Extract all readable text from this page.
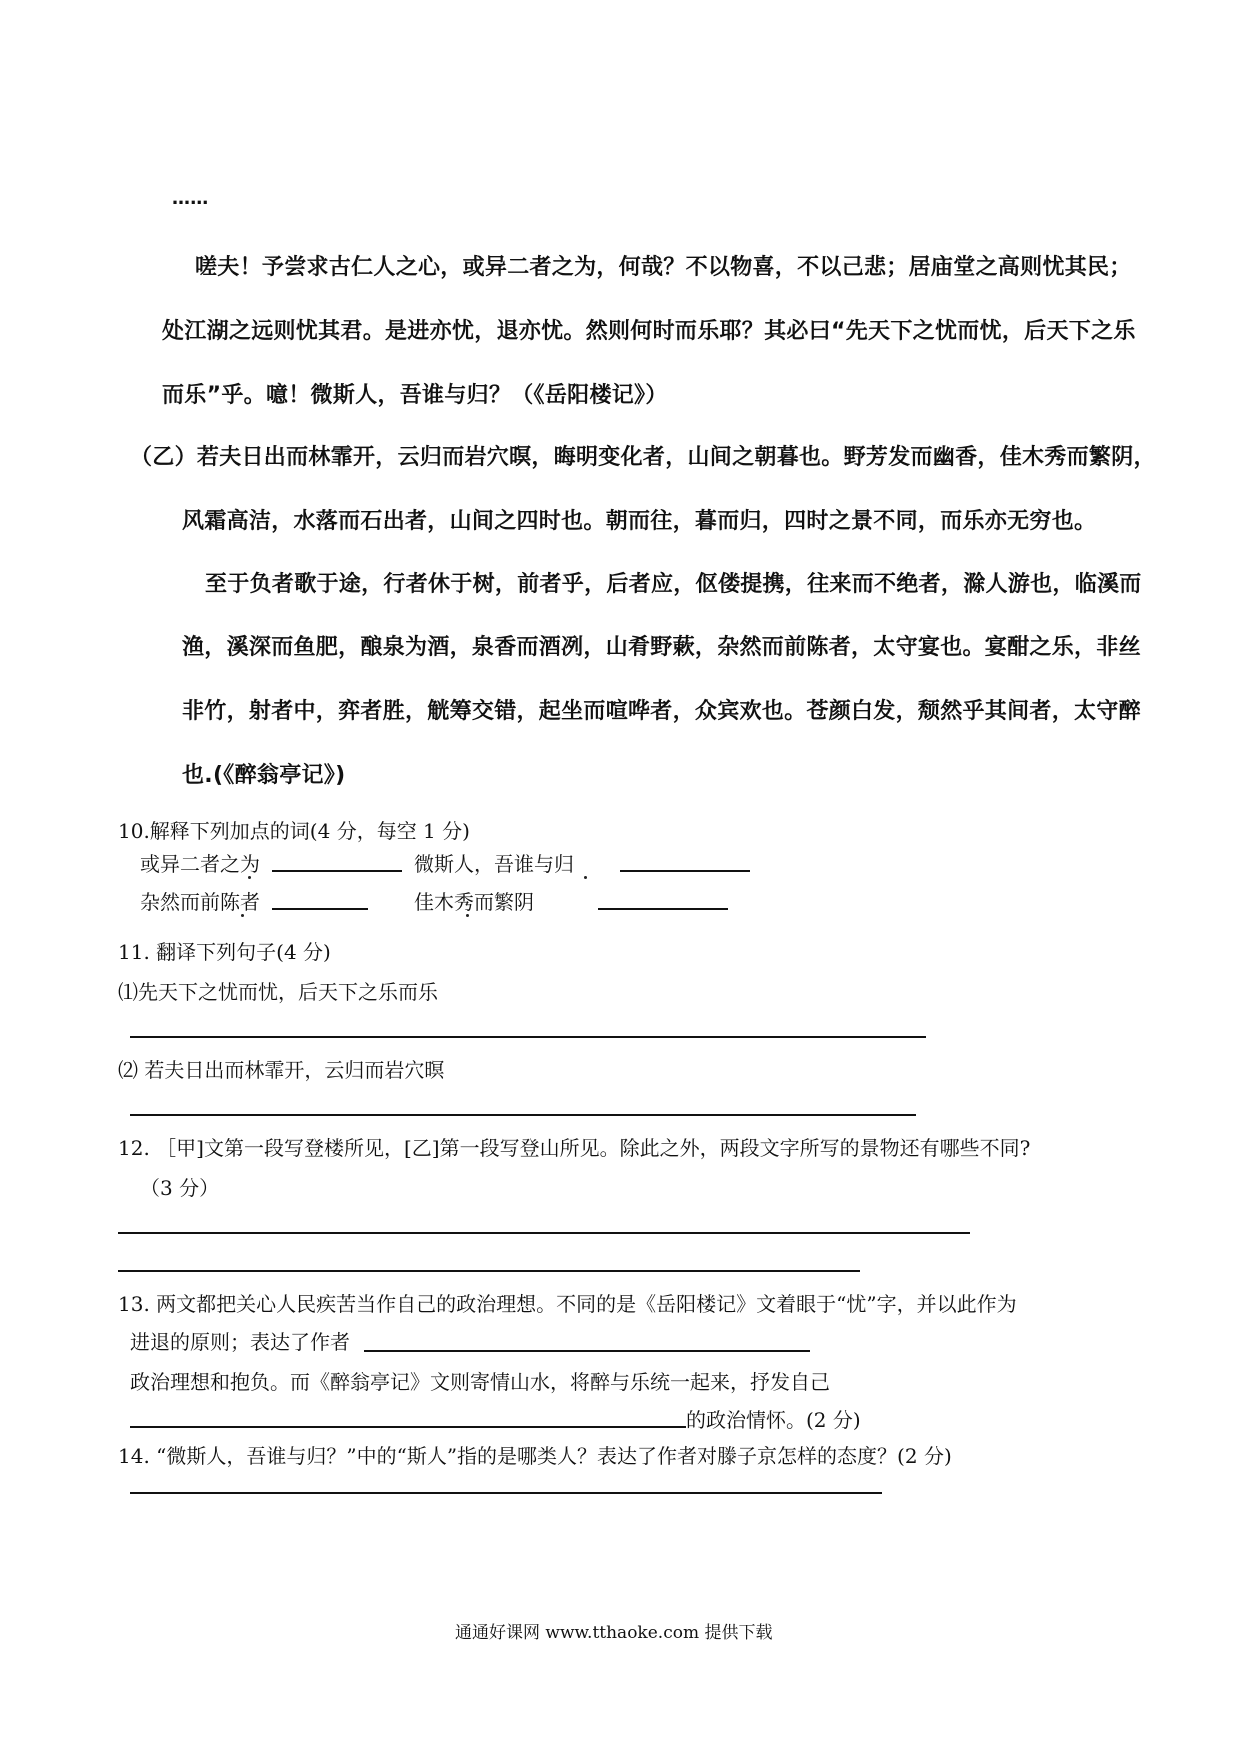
……
嗟夫！予尝求古仁人之心，或异二者之为，何哉？不以物喜，不以己悲；居庙堂之高则忧其民；
处江湖之远则忧其君。是进亦忧，退亦忧。然则何时而乐耶？其必曰“先天下之忧而忧，后天下之乐
而乐”乎。噫！微斯人，吾谁与归？（《岳阳楼记》）
（乙）若夫日出而林霏开，云归而岩穴暝，晦明变化者，山间之朝暮也。野芳发而幽香，佳木秀而繁阴，
风霜高洁，水落而石出者，山间之四时也。朝而往，暮而归，四时之景不同，而乐亦无穷也。
至于负者歌于途，行者休于树，前者乎，后者应，伛偻提携，往来而不绝者，滁人游也，临溪而
渔，溪深而鱼肥，酿泉为酒，泉香而酒冽，山肴野蔌，杂然而前陈者，太守宴也。宴酣之乐，非丝
非竹，射者中，弈者胜，觥筹交错，起坐而喧哗者，众宾欢也。苍颜白发，颓然乎其间者，太守醉
也.(《醉翁亭记》)
10.解释下列加点的词(4 分，每空 1 分)
或异二者之为	微斯人，吾谁与归
杂然而前陈者	佳木秀而繁阴
11. 翻译下列句子(4 分)
⑴先天下之忧而忧，后天下之乐而乐
⑵ 若夫日出而林霏开，云归而岩穴暝
12. ［甲]文第一段写登楼所见，[乙]第一段写登山所见。除此之外，两段文字所写的景物还有哪些不同?
（3 分）
13. 两文都把关心人民疾苦当作自己的政治理想。不同的是《岳阳楼记》文着眼于“忧”字，并以此作为
进退的原则；表达了作者
政治理想和抱负。而《醉翁亭记》文则寄情山水，将醉与乐统一起来，抒发自己
的政治情怀。(2 分)
14. “微斯人，吾谁与归？”中的“斯人”指的是哪类人？表达了作者对滕子京怎样的态度？(2 分)
通通好课网 www.tthaoke.com 提供下载
